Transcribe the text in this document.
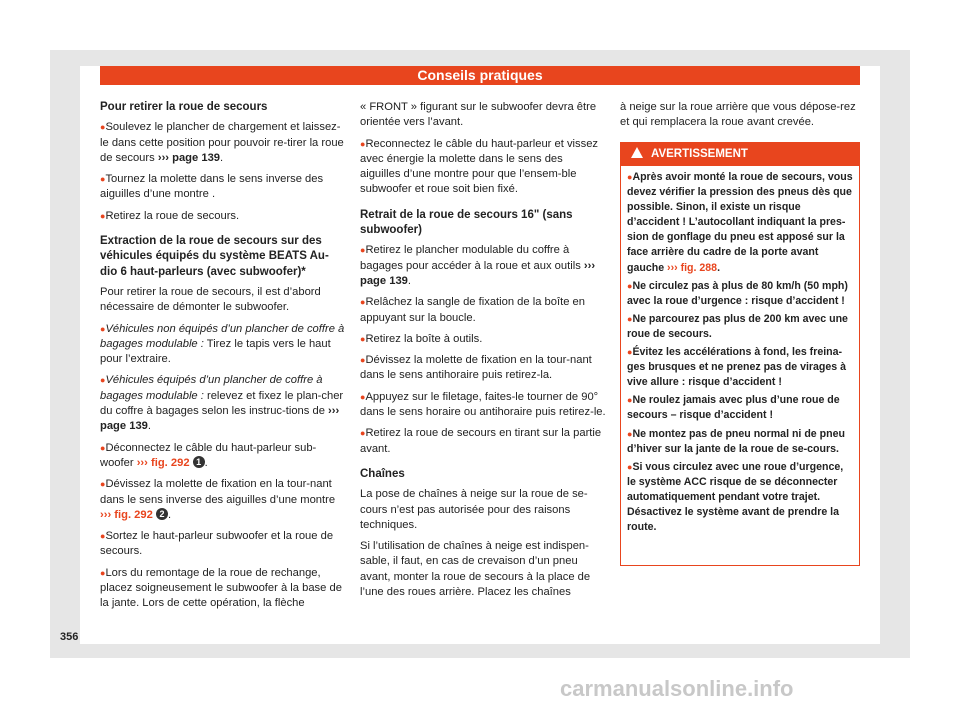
Conseils pratiques

Pour retirer la roue de secours

● Soulevez le plancher de chargement et laissez-le dans cette position pour pouvoir re-tirer la roue de secours ››› page 139.

● Tournez la molette dans le sens inverse des aiguilles d’une montre .

● Retirez la roue de secours.

Extraction de la roue de secours sur des véhicules équipés du système BEATS Au-dio 6 haut-parleurs (avec subwoofer)*

Pour retirer la roue de secours, il est d’abord nécessaire de démonter le subwoofer.

● Véhicules non équipés d’un plancher de coffre à bagages modulable : Tirez le tapis vers le haut pour l’extraire.

● Véhicules équipés d’un plancher de coffre à bagages modulable : relevez et fixez le plan-cher du coffre à bagages selon les instruc-tions de ››› page 139.

● Déconnectez le câble du haut-parleur sub-woofer ››› fig. 292 1 .

● Dévissez la molette de fixation en la tour-nant dans le sens inverse des aiguilles d’une montre ››› fig. 292 2 .

● Sortez le haut-parleur subwoofer et la roue de secours.

● Lors du remontage de la roue de rechange, placez soigneusement le subwoofer à la base de la jante. Lors de cette opération, la flèche

« FRONT » figurant sur le subwoofer devra être orientée vers l’avant.

● Reconnectez le câble du haut-parleur et vissez avec énergie la molette dans le sens des aiguilles d’une montre pour que l’ensem-ble subwoofer et roue soit bien fixé.

Retrait de la roue de secours 16" (sans subwoofer)

● Retirez le plancher modulable du coffre à bagages pour accéder à la roue et aux outils ››› page 139.

● Relâchez la sangle de fixation de la boîte en appuyant sur la boucle.

● Retirez la boîte à outils.

● Dévissez la molette de fixation en la tour-nant dans le sens antihoraire puis retirez-la.

● Appuyez sur le filetage, faites-le tourner de 90° dans le sens horaire ou antihoraire puis retirez-le.

● Retirez la roue de secours en tirant sur la partie avant.

Chaînes

La pose de chaînes à neige sur la roue de se-cours n’est pas autorisée pour des raisons techniques.

Si l’utilisation de chaînes à neige est indispen-sable, il faut, en cas de crevaison d’un pneu avant, monter la roue de secours à la place de l’une des roues arrière. Placez les chaînes

à neige sur la roue arrière que vous dépose-rez et qui remplacera la roue avant crevée.

AVERTISSEMENT

● Après avoir monté la roue de secours, vous devez vérifier la pression des pneus dès que possible. Sinon, il existe un risque d’accident ! L’autocollant indiquant la pres-sion de gonflage du pneu est apposé sur la face arrière du cadre de la porte avant gauche ››› fig. 288.

● Ne circulez pas à plus de 80 km/h (50 mph) avec la roue d’urgence : risque d’accident !

● Ne parcourez pas plus de 200 km avec une roue de secours.

● Évitez les accélérations à fond, les freina-ges brusques et ne prenez pas de virages à vive allure : risque d’accident !

● Ne roulez jamais avec plus d’une roue de secours – risque d’accident !

● Ne montez pas de pneu normal ni de pneu d’hiver sur la jante de la roue de se-cours.

● Si vous circulez avec une roue d’urgence, le système ACC risque de se déconnecter automatiquement pendant votre trajet. Désactivez le système avant de prendre la route.

356
carmanualsonline.info
